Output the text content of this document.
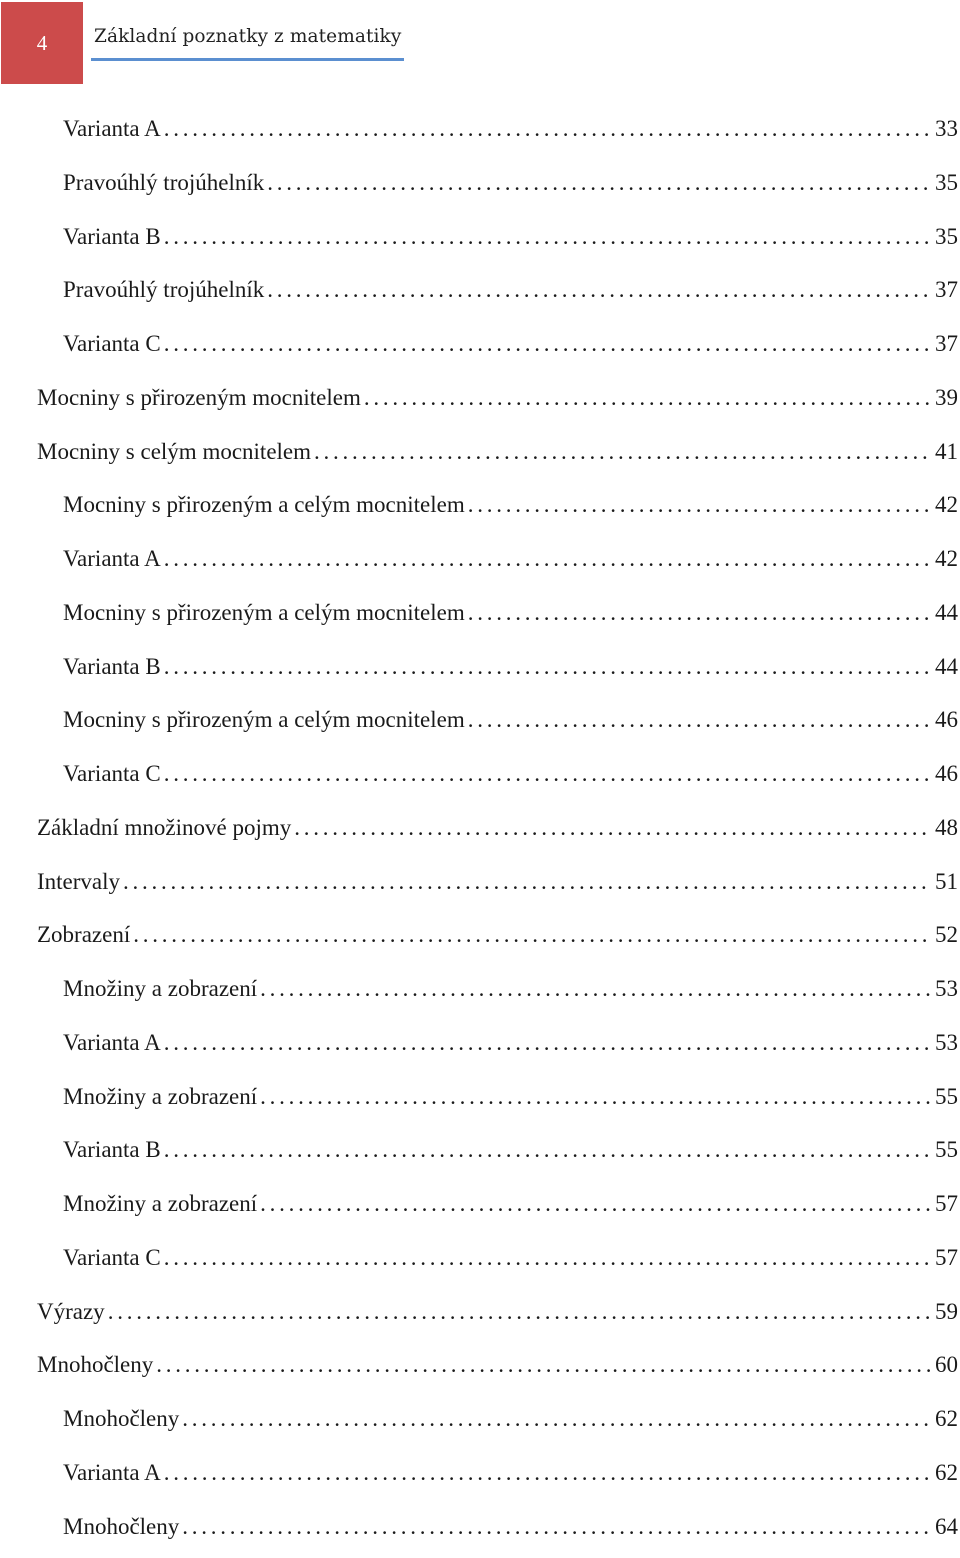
4	Základní poznatky z matematiky
Varianta A . . .	33
Pravoúhlý trojúhelník . . .	35
Varianta B . . .	35
Pravoúhlý trojúhelník . . .	37
Varianta C . . .	37
Mocniny s přirozeným mocnitelem . . .	39
Mocniny s celým mocnitelem . . .	41
Mocniny s přirozeným a celým mocnitelem . . .	42
Varianta A . . .	42
Mocniny s přirozeným a celým mocnitelem . . .	44
Varianta B . . .	44
Mocniny s přirozeným a celým mocnitelem . . .	46
Varianta C . . .	46
Základní množinové pojmy . . .	48
Intervaly . . .	51
Zobrazení . . .	52
Množiny a zobrazení . . .	53
Varianta A . . .	53
Množiny a zobrazení . . .	55
Varianta B . . .	55
Množiny a zobrazení . . .	57
Varianta C . . .	57
Výrazy . . .	59
Mnohočleny . . .	60
Mnohočleny . . .	62
Varianta A . . .	62
Mnohočleny . . .	64
